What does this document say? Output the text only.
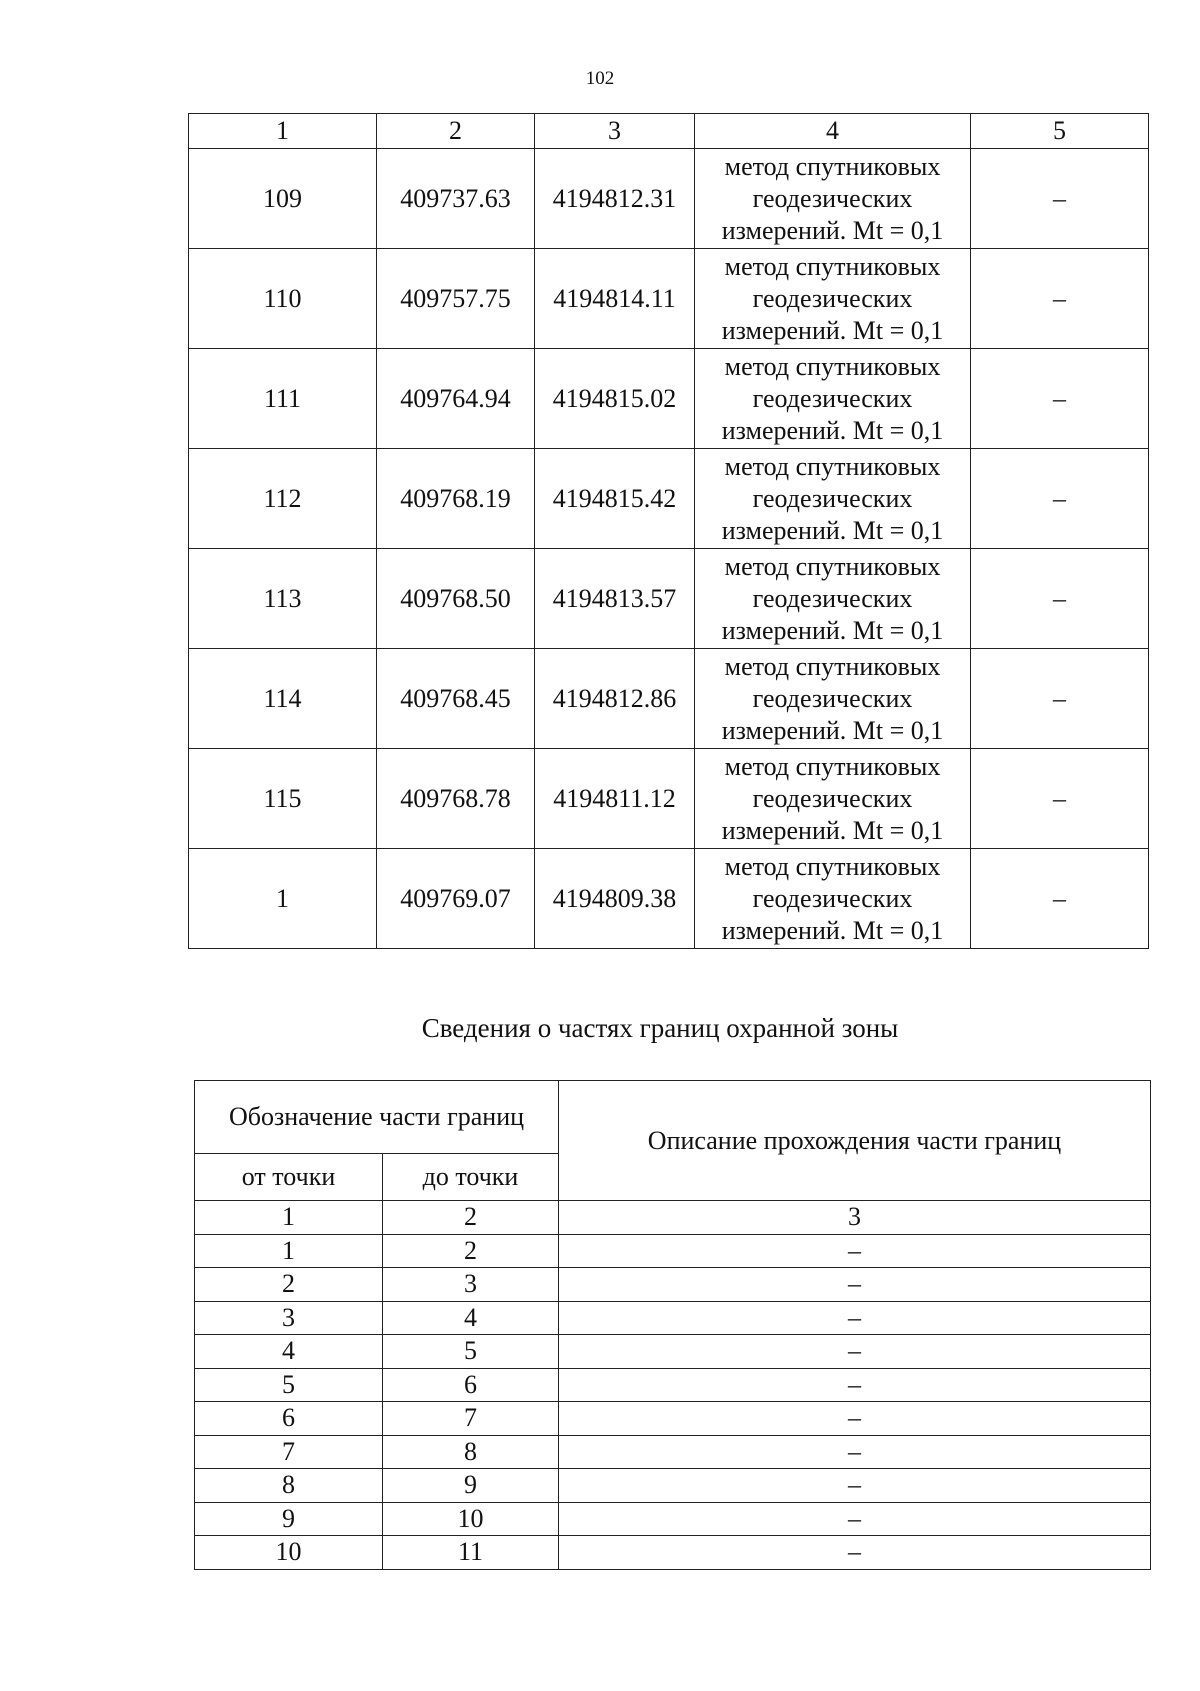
102
1	2	3	4	5
109	409737.63	4194812.31	метод спутниковых
геодезических
измерений. Mt = 0,1	–
110	409757.75	4194814.11	метод спутниковых
геодезических
измерений. Mt = 0,1	–
111	409764.94	4194815.02	метод спутниковых
геодезических
измерений. Mt = 0,1	–
112	409768.19	4194815.42	метод спутниковых
геодезических
измерений. Mt = 0,1	–
113	409768.50	4194813.57	метод спутниковых
геодезических
измерений. Mt = 0,1	–
114	409768.45	4194812.86	метод спутниковых
геодезических
измерений. Mt = 0,1	–
115	409768.78	4194811.12	метод спутниковых
геодезических
измерений. Mt = 0,1	–
1	409769.07	4194809.38	метод спутниковых
геодезических
измерений. Mt = 0,1	–
Сведения о частях границ охранной зоны
Обозначение части границ		Описание прохождения части границ
от точки	до точки	
1	2	3
1	2	–
2	3	–
3	4	–
4	5	–
5	6	–
6	7	–
7	8	–
8	9	–
9	10	–
10	11	–
